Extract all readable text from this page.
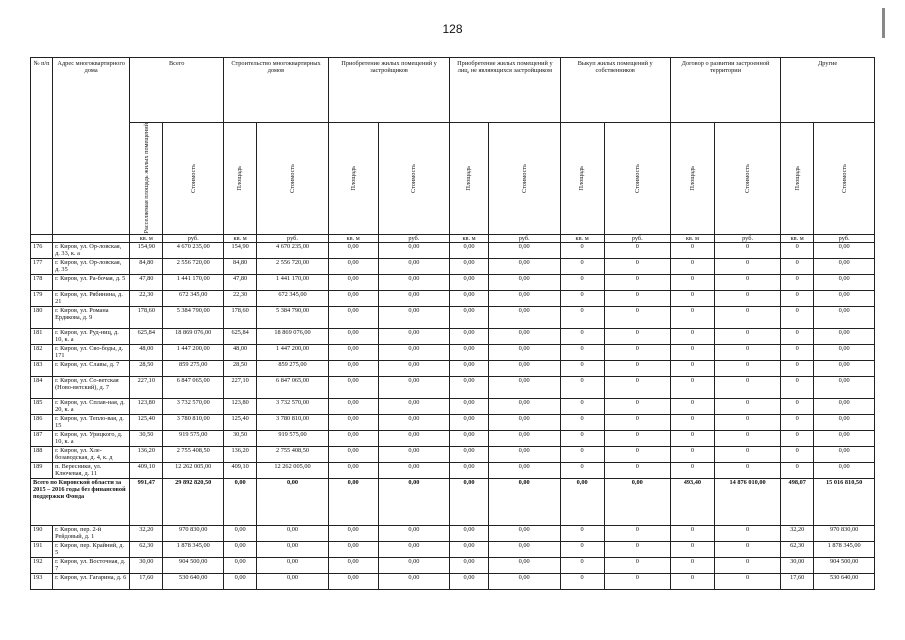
128
№ п/п	Адрес многоквартирного дома	Всего		Строительство многоквартирных домов		Приобретение жилых помещений у застройщиков		Приобретение жилых помещений у лиц, не являющихся застройщиком		Выкуп жилых помещений у собственников		Договор о развитии застроенной территории		Другие	

		Расселяемая площадь жилых помещений	Стоимость	Площадь	Стоимость	Площадь	Стоимость	Площадь	Стоимость	Площадь	Стоимость	Площадь	Стоимость	Площадь	Стоимость

		кв. м	руб.	кв. м	руб.	кв. м	руб.	кв. м	руб.	кв. м	руб.	кв. м	руб.	кв. м	руб.
176	г. Киров, ул. Ор-ловская, д. 33, к. а	154,90	4 670 235,00	154,90	4 670 235,00	0,00	0,00	0,00	0,00	0	0	0	0	0	0,00
177	г. Киров, ул. Ор-ловская, д. 35	84,80	2 556 720,00	84,80	2 556 720,00	0,00	0,00	0,00	0,00	0	0	0	0	0	0,00
178	г. Киров, ул. Ра-бочая, д. 5	47,80	1 441 170,00	47,80	1 441 170,00	0,00	0,00	0,00	0,00	0	0	0	0	0	0,00
179	г. Киров, ул. Рябинина, д. 21	22,30	672 345,00	22,30	672 345,00	0,00	0,00	0,00	0,00	0	0	0	0	0	0,00
180	г. Киров, ул. Романа Ердякова, д. 9	178,60	5 384 790,00	178,60	5 384 790,00	0,00	0,00	0,00	0,00	0	0	0	0	0	0,00
181	г. Киров, ул. Руд-ниц, д. 10, к. а	625,84	18 869 076,00	625,84	18 869 076,00	0,00	0,00	0,00	0,00	0	0	0	0	0	0,00
182	г. Киров, ул. Сво-боды, д. 171	48,00	1 447 200,00	48,00	1 447 200,00	0,00	0,00	0,00	0,00	0	0	0	0	0	0,00
183	г. Киров, ул. Славы, д. 7	28,50	859 275,00	28,50	859 275,00	0,00	0,00	0,00	0,00	0	0	0	0	0	0,00
184	г. Киров, ул. Со-ветская (Ново-вятский), д. 7	227,10	6 847 065,00	227,10	6 847 065,00	0,00	0,00	0,00	0,00	0	0	0	0	0	0,00
185	г. Киров, ул. Сплав-ная, д. 20, к. а	123,80	3 732 570,00	123,80	3 732 570,00	0,00	0,00	0,00	0,00	0	0	0	0	0	0,00
186	г. Киров, ул. Тепло-вая, д. 15	125,40	3 780 810,00	125,40	3 780 810,00	0,00	0,00	0,00	0,00	0	0	0	0	0	0,00
187	г. Киров, ул. Урицкого, д. 10, к. а	30,50	919 575,00	30,50	919 575,00	0,00	0,00	0,00	0,00	0	0	0	0	0	0,00
188	г. Киров, ул. Хле-бозаводская, д. 4, к. д	136,20	2 755 408,50	136,20	2 755 408,50	0,00	0,00	0,00	0,00	0	0	0	0	0	0,00
189	п. Вересники, ул. Ключевая, д. 11	409,10	12 262 005,00	409,10	12 262 005,00	0,00	0,00	0,00	0,00	0	0	0	0	0	0,00
Всего по Кировской области за 2015 – 2016 годы без финансовой поддержки Фонда		991,47	29 892 820,50	0,00	0,00	0,00	0,00	0,00	0,00	0,00	0,00	493,40	14 876 010,00	498,07	15 016 810,50
190	г. Киров, пер. 2-й Рейдовый, д. 1	32,20	970 830,00	0,00	0,00	0,00	0,00	0,00	0,00	0	0	0	0	32,20	970 830,00
191	г. Киров, пер. Крайний, д. 5	62,30	1 878 345,00	0,00	0,00	0,00	0,00	0,00	0,00	0	0	0	0	62,30	1 878 345,00
192	г. Киров, ул. Восточная, д. 7	30,00	904 500,00	0,00	0,00	0,00	0,00	0,00	0,00	0	0	0	0	30,00	904 500,00
193	г. Киров, ул. Гагарина, д. 6	17,60	530 640,00	0,00	0,00	0,00	0,00	0,00	0,00	0	0	0	0	17,60	530 640,00
